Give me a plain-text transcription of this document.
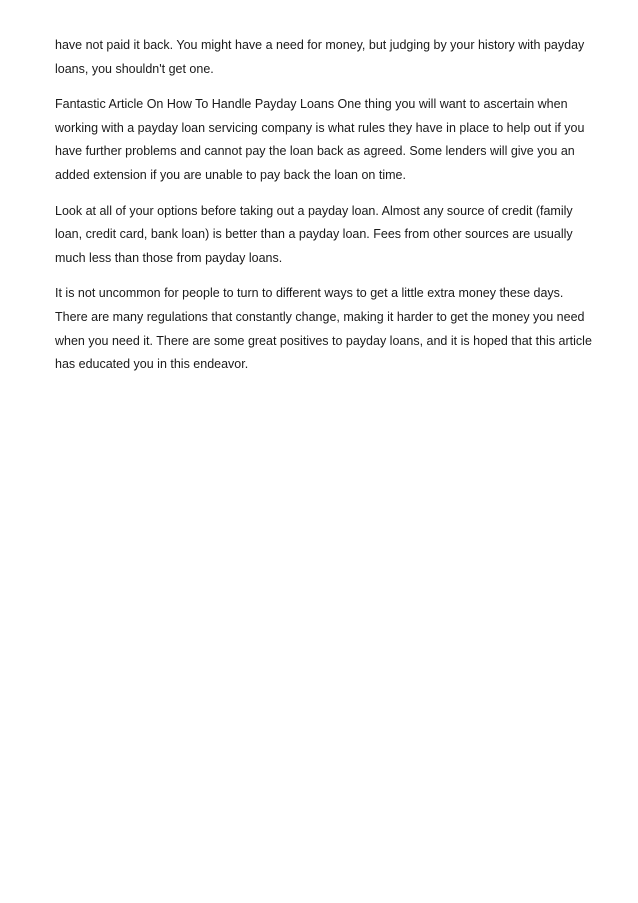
have not paid it back. You might have a need for money, but judging by your history with payday loans, you shouldn't get one.

Fantastic Article On How To Handle Payday Loans One thing you will want to ascertain when working with a payday loan servicing company is what rules they have in place to help out if you have further problems and cannot pay the loan back as agreed. Some lenders will give you an added extension if you are unable to pay back the loan on time.

Look at all of your options before taking out a payday loan. Almost any source of credit (family loan, credit card, bank loan) is better than a payday loan. Fees from other sources are usually much less than those from payday loans.

It is not uncommon for people to turn to different ways to get a little extra money these days. There are many regulations that constantly change, making it harder to get the money you need when you need it. There are some great positives to payday loans, and it is hoped that this article has educated you in this endeavor.
